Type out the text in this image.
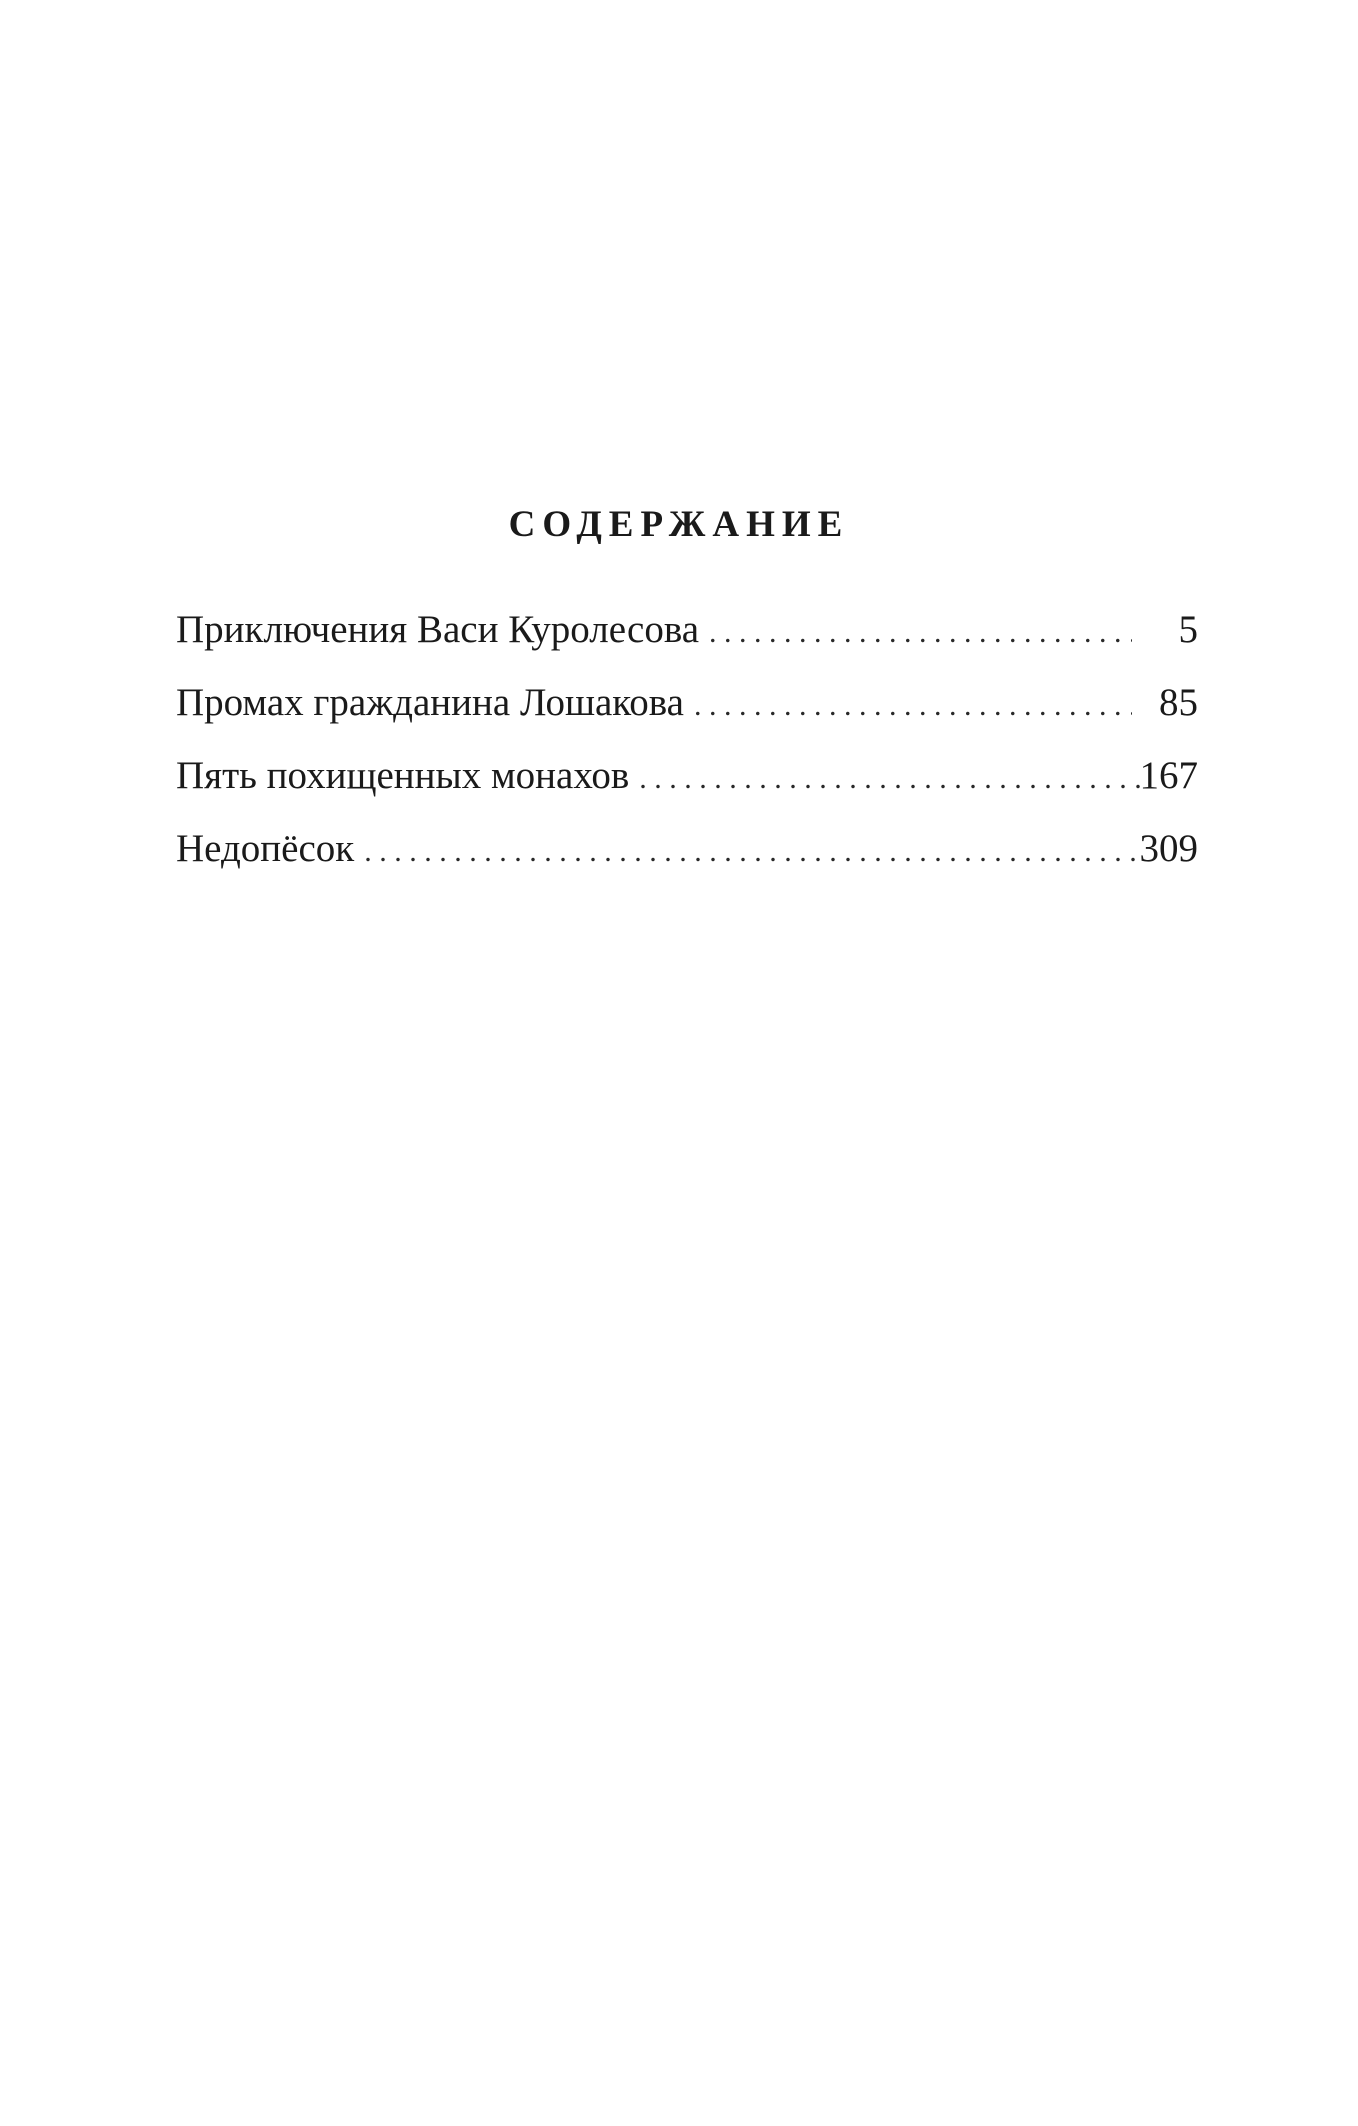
СОДЕРЖАНИЕ
Приключения Васи Куролесова . . .	5
Промах гражданина Лошакова . . .	85
Пять похищенных монахов . . .	167
Недопёсок . . .	309
